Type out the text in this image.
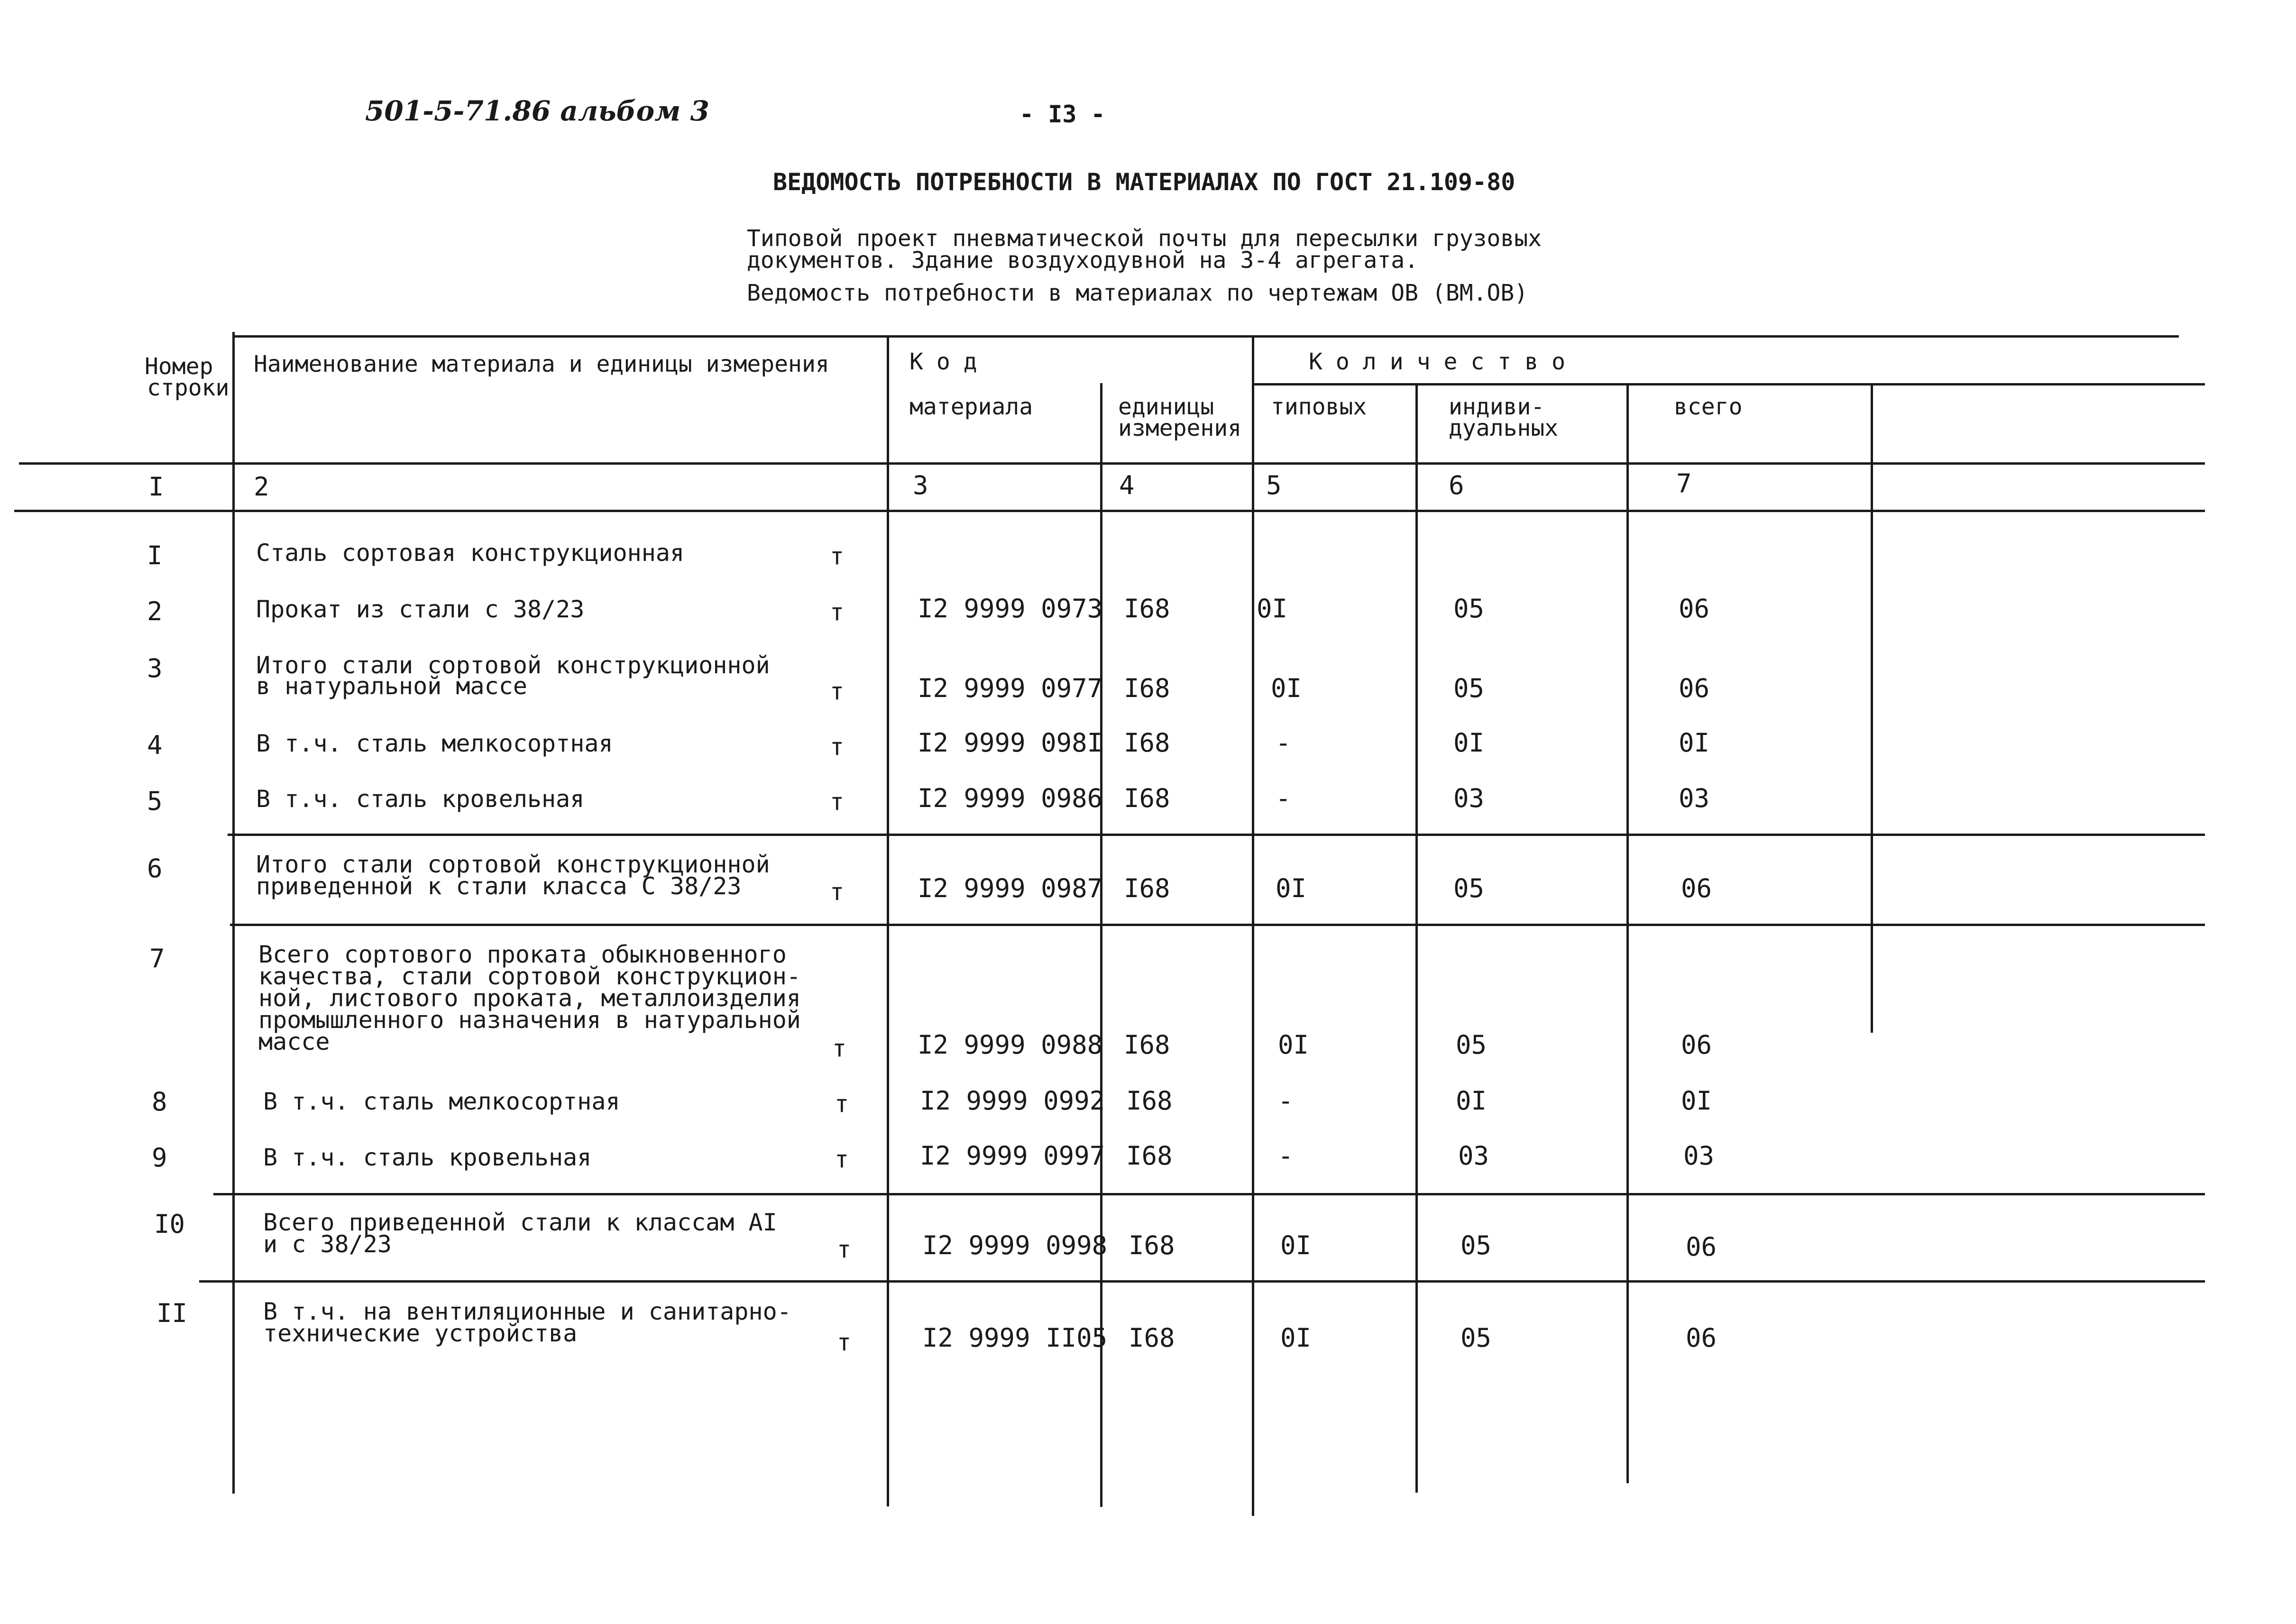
501-5-71.86 альбом 3	- I3 -
ВЕДОМОСТЬ ПОТРЕБНОСТИ В МАТЕРИАЛАХ ПО ГОСТ 21.109-80
Типовой проект пневматической почты для пересылки грузовых
документов. Здание воздуходувной на 3-4 агрегата.
Ведомость потребности в материалах по чертежам ОВ (ВМ.ОВ)
Номер
строки
Наименование материала и единицы измерения	Код
материала	единицы
измерения
Количество
типовых	индиви-
дуальных
всего
I	2	3	4	5	6	7
I	Сталь сортовая конструкционная	т
2	Прокат из стали с 38/23	т	I2 9999 0973 I68	0I	05	06
3	Итого стали сортовой конструкционной
в натуральной массе	т	I2 9999 0977 I68	0I	05	06
4	В т.ч. сталь мелкосортная	т	I2 9999 098I I68	-	0I	0I
5	В т.ч. сталь кровельная	т	I2 9999 0986 I68	-	03	03
6	Итого стали сортовой конструкционной
приведенной к стали класса С 38/23	т	I2 9999 0987 I68	0I	05	06
7	Всего сортового проката обыкновенного
качества, стали сортовой конструкцион-
ной, листового проката, металлоизделия
промышленного назначения в натуральной
массе	т	I2 9999 0988 I68	0I	05	06
8	В т.ч. сталь мелкосортная	т	I2 9999 0992 I68	-	0I	0I
9	В т.ч. сталь кровельная	т	I2 9999 0997 I68	-	03	03
I0	Всего приведенной стали к классам АI
и с 38/23	т	I2 9999 0998 I68	0I	05	06
II	В т.ч. на вентиляционные и санитарно-
технические устройства	т	I2 9999 II05 I68	0I	05	06
